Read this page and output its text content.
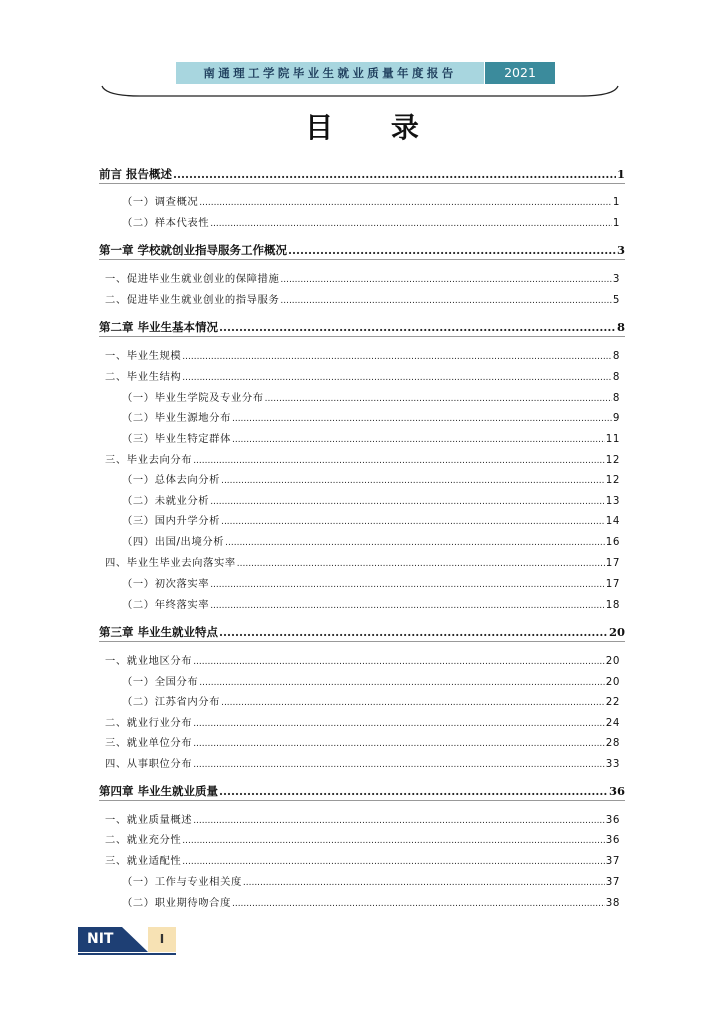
南通理工学院毕业生就业质量年度报告	2021
目 录
前言 报告概述 .....	1
（一）调查概况 .....	1
（二）样本代表性 .....	1
第一章 学校就创业指导服务工作概况 .....	3
一、促进毕业生就业创业的保障措施 .....	3
二、促进毕业生就业创业的指导服务 .....	5
第二章 毕业生基本情况 .....	8
一、毕业生规模 .....	8
二、毕业生结构 .....	8
（一）毕业生学院及专业分布 .....	8
（二）毕业生源地分布 .....	9
（三）毕业生特定群体 .....	11
三、毕业去向分布 .....	12
（一）总体去向分析 .....	12
（二）未就业分析 .....	13
（三）国内升学分析 .....	14
（四）出国/出境分析 .....	16
四、毕业生毕业去向落实率 .....	17
（一）初次落实率 .....	17
（二）年终落实率 .....	18
第三章 毕业生就业特点 .....	20
一、就业地区分布 .....	20
（一）全国分布 .....	20
（二）江苏省内分布 .....	22
二、就业行业分布 .....	24
三、就业单位分布 .....	28
四、从事职位分布 .....	33
第四章 毕业生就业质量 .....	36
一、就业质量概述 .....	36
二、就业充分性 .....	36
三、就业适配性 .....	37
（一）工作与专业相关度 .....	37
（二）职业期待吻合度 .....	38
NIT	I
